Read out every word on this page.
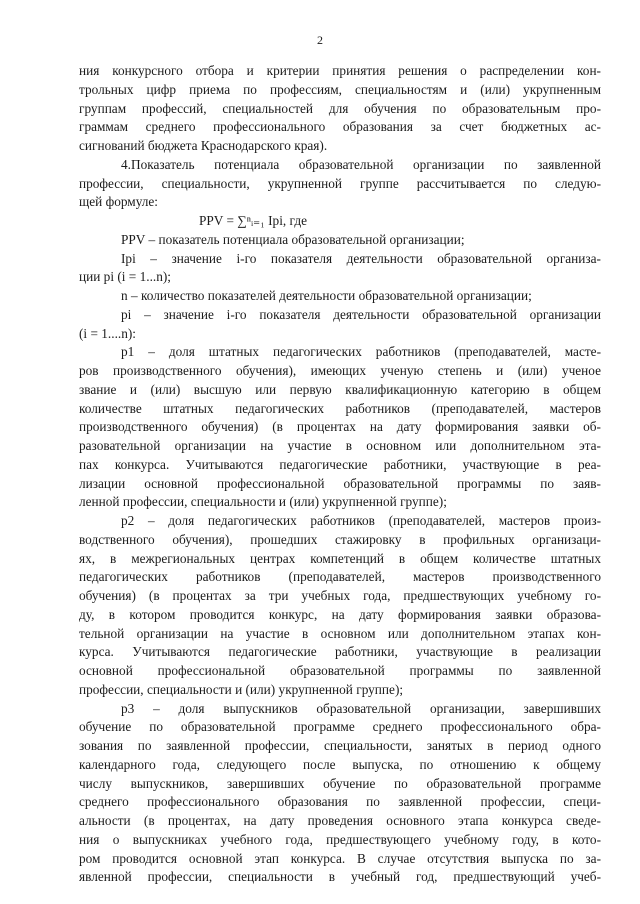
2
ния конкурсного отбора и критерии принятия решения о распределении кон-
трольных цифр приема по профессиям, специальностям и (или) укрупненным
группам профессий, специальностей для обучения по образовательным про-
граммам среднего профессионального образования за счет бюджетных ас-
сигнований бюджета Краснодарского края).
4.Показатель потенциала образовательной организации по заявленной
профессии, специальности, укрупненной группе рассчитывается по следую-
щей формуле:
PPV = ∑ⁿᵢ₌₁ Ipi, где
PPV – показатель потенциала образовательной организации;
Ipi – значение i-го показателя деятельности образовательной организа-
ции pi (i = 1...n);
n – количество показателей деятельности образовательной организации;
pi – значение i-го показателя деятельности образовательной организации
(i = 1....n):
p1 – доля штатных педагогических работников (преподавателей, масте-
ров производственного обучения), имеющих ученую степень и (или) ученое
звание и (или) высшую или первую квалификационную категорию в общем
количестве штатных педагогических работников (преподавателей, мастеров
производственного обучения) (в процентах на дату формирования заявки об-
разовательной организации на участие в основном или дополнительном эта-
пах конкурса. Учитываются педагогические работники, участвующие в реа-
лизации основной профессиональной образовательной программы по заяв-
ленной профессии, специальности и (или) укрупненной группе);
p2 – доля педагогических работников (преподавателей, мастеров произ-
водственного обучения), прошедших стажировку в профильных организаци-
ях, в межрегиональных центрах компетенций в общем количестве штатных
педагогических работников (преподавателей, мастеров производственного
обучения) (в процентах за три учебных года, предшествующих учебному го-
ду, в котором проводится конкурс, на дату формирования заявки образова-
тельной организации на участие в основном или дополнительном этапах кон-
курса. Учитываются педагогические работники, участвующие в реализации
основной профессиональной образовательной программы по заявленной
профессии, специальности и (или) укрупненной группе);
p3 – доля выпускников образовательной организации, завершивших
обучение по образовательной программе среднего профессионального обра-
зования по заявленной профессии, специальности, занятых в период одного
календарного года, следующего после выпуска, по отношению к общему
числу выпускников, завершивших обучение по образовательной программе
среднего профессионального образования по заявленной профессии, специ-
альности (в процентах, на дату проведения основного этапа конкурса сведе-
ния о выпускниках учебного года, предшествующего учебному году, в кото-
ром проводится основной этап конкурса. В случае отсутствия выпуска по за-
явленной профессии, специальности в учебный год, предшествующий учеб-
